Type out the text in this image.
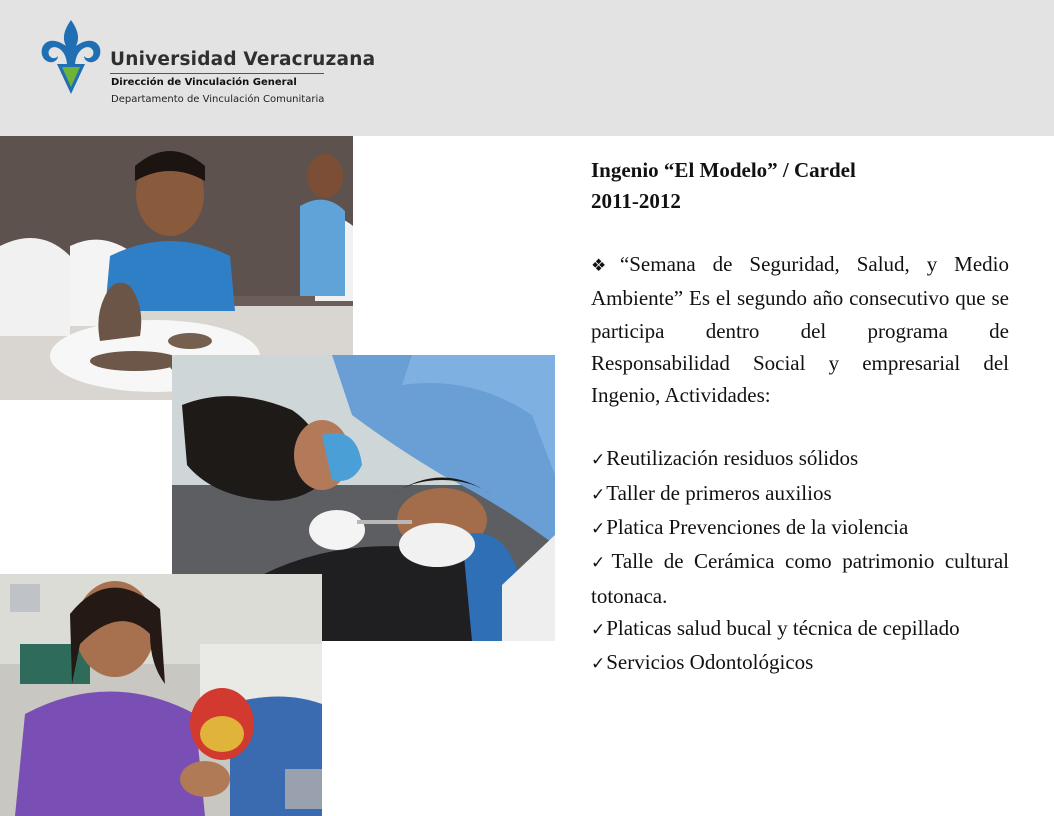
Universidad Veracruzana
Dirección de Vinculación General
Departamento de Vinculación Comunitaria
Ingenio “El Modelo” / Cardel
2011-2012
❖“Semana de Seguridad, Salud, y Medio Ambiente” Es el segundo año consecutivo que se participa dentro del programa de Responsabilidad Social y empresarial del Ingenio, Actividades:
✓Reutilización residuos sólidos
✓Taller de primeros auxilios
✓Platica Prevenciones de la violencia
✓Talle de Cerámica como patrimonio cultural totonaca.
✓Platicas salud bucal y técnica de cepillado
✓Servicios Odontológicos
